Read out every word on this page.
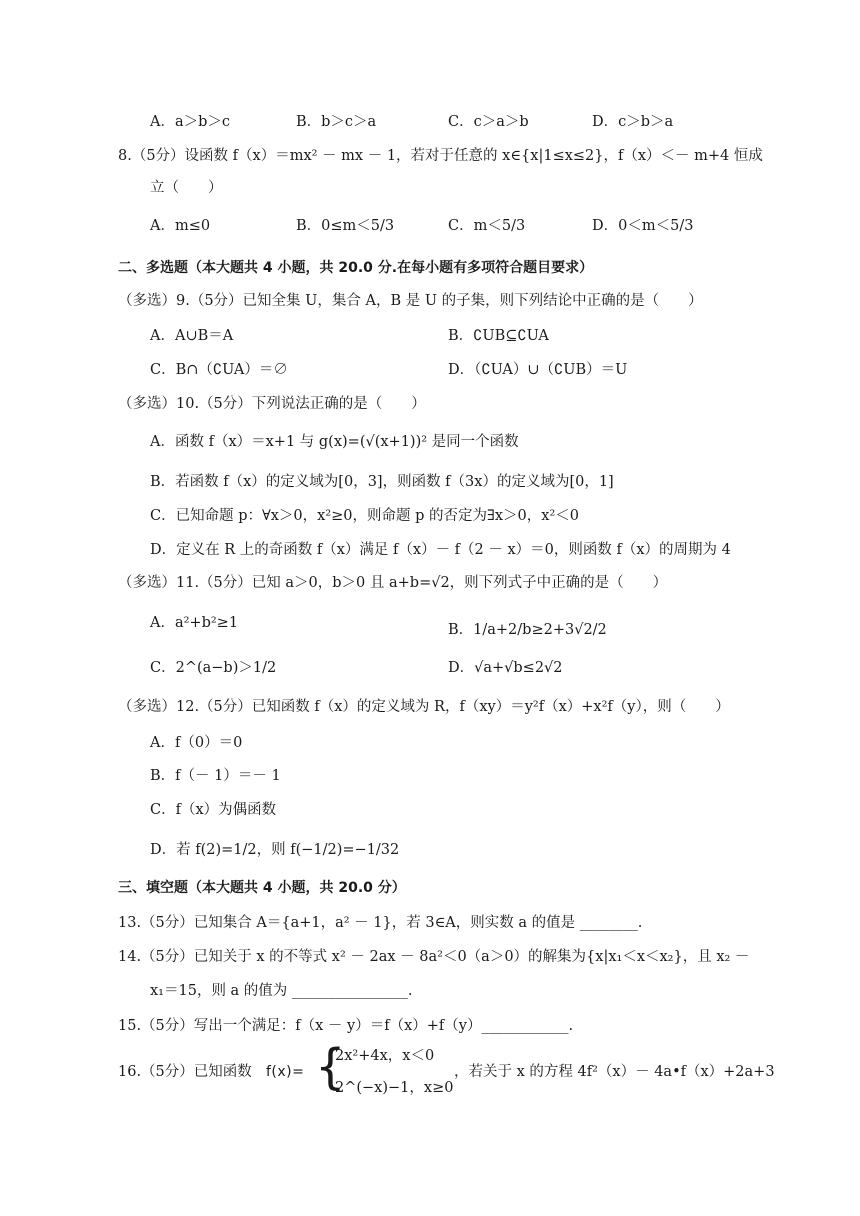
A．a＞b＞c	B．b＞c＞a	C．c＞a＞b	D．c＞b＞a
8.（5分）设函数 f（x）＝mx² － mx － 1，若对于任意的 x∈{x|1≤x≤2}，f（x）＜－ m+4 恒成
立（　　）
A．m≤0	B．0≤m＜5/3	C．m＜5/3	D．0＜m＜5/3
二、多选题（本大题共 4 小题，共 20.0 分.在每小题有多项符合题目要求）
（多选）9.（5分）已知全集 U，集合 A，B 是 U 的子集，则下列结论中正确的是（　　）
A．A∪B＝A	B．∁UB⊆∁UA
C．B∩（∁UA）＝∅	D．（∁UA）∪（∁UB）＝U
（多选）10.（5分）下列说法正确的是（　　）
A．函数 f（x）＝x+1 与 g(x)=(√(x+1))² 是同一个函数
B．若函数 f（x）的定义域为[0，3]，则函数 f（3x）的定义域为[0，1]
C．已知命题 p：∀x＞0，x²≥0，则命题 p 的否定为∃x＞0，x²＜0
D．定义在 R 上的奇函数 f（x）满足 f（x）－ f（2 － x）＝0，则函数 f（x）的周期为 4
（多选）11.（5分）已知 a＞0，b＞0 且 a+b=√2，则下列式子中正确的是（　　）
A．a²+b²≥1	B．1/a+2/b≥2+3√2/2
C．2^(a−b)＞1/2	D．√a+√b≤2√2
（多选）12.（5分）已知函数 f（x）的定义域为 R，f（xy）＝y²f（x）+x²f（y），则（　　）
A．f（0）＝0
B．f（－ 1）＝－ 1
C．f（x）为偶函数
D．若 f(2)=1/2，则 f(−1/2)=−1/32
三、填空题（本大题共 4 小题，共 20.0 分）
13.（5分）已知集合 A＝{a+1，a² － 1}，若 3∈A，则实数 a 的值是 ________.
14.（5分）已知关于 x 的不等式 x² － 2ax － 8a²＜0（a＞0）的解集为{x|x₁＜x＜x₂}，且 x₂ －
x₁＝15，则 a 的值为 ________________.
15.（5分）写出一个满足：f（x － y）＝f（x）+f（y）____________.
16.（5分）已知函数 f(x)= {
2x²+4x，x＜0
2^(−x)−1，x≥0
，若关于 x 的方程 4f²（x）－ 4a•f（x）+2a+3
